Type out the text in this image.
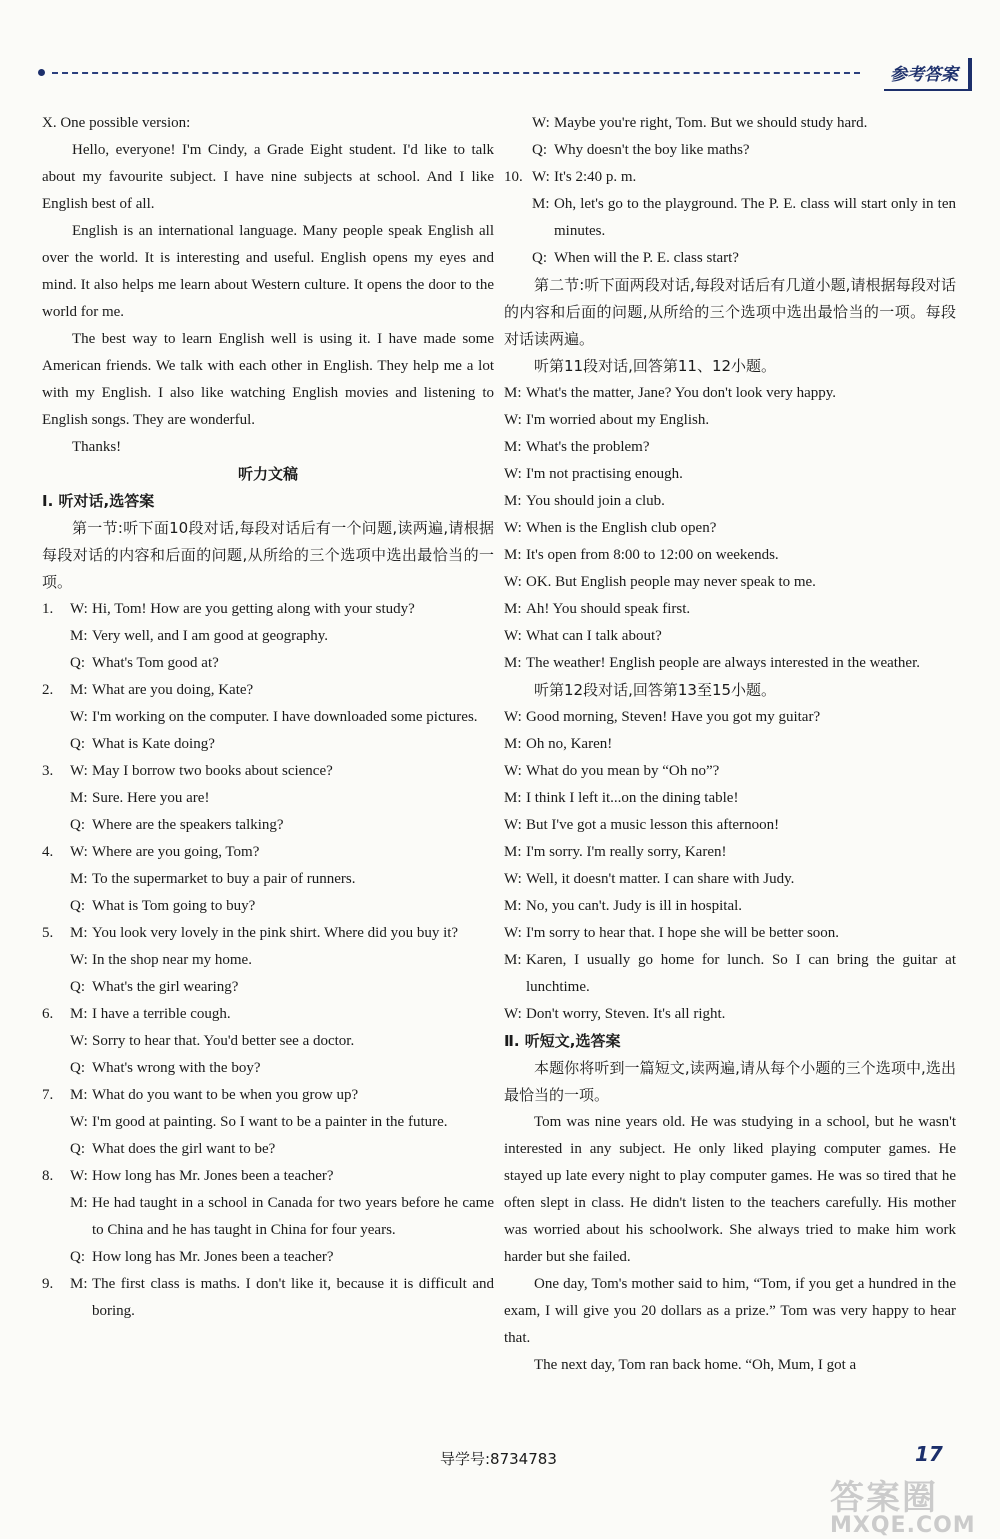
参考答案

X. One possible version:

Hello, everyone! I'm Cindy, a Grade Eight student. I'd like to talk about my favourite subject. I have nine subjects at school. And I like English best of all.

English is an international language. Many people speak English all over the world. It is interesting and useful. English opens my eyes and mind. It also helps me learn about Western culture. It opens the door to the world for me.

The best way to learn English well is using it. I have made some American friends. We talk with each other in English. They help me a lot with my English. I also like watching English movies and listening to English songs. They are wonderful.

Thanks!

听力文稿

Ⅰ. 听对话,选答案

第一节:听下面10段对话,每段对话后有一个问题,读两遍,请根据每段对话的内容和后面的问题,从所给的三个选项中选出最恰当的一项。

1.	W: Hi, Tom! How are you getting along with your study?
M: Very well, and I am good at geography.
Q: What's Tom good at?
2.	M: What are you doing, Kate?
W: I'm working on the computer. I have downloaded some pictures.
Q: What is Kate doing?
3.	W: May I borrow two books about science?
M: Sure. Here you are!
Q: Where are the speakers talking?
4.	W: Where are you going, Tom?
M: To the supermarket to buy a pair of runners.
Q: What is Tom going to buy?
5.	M: You look very lovely in the pink shirt. Where did you buy it?
W: In the shop near my home.
Q: What's the girl wearing?
6.	M: I have a terrible cough.
W: Sorry to hear that. You'd better see a doctor.
Q: What's wrong with the boy?
7.	M: What do you want to be when you grow up?
W: I'm good at painting. So I want to be a painter in the future.
Q: What does the girl want to be?
8.	W: How long has Mr. Jones been a teacher?
M: He had taught in a school in Canada for two years before he came to China and he has taught in China for four years.
Q: How long has Mr. Jones been a teacher?
9.	M: The first class is maths. I don't like it, because it is difficult and boring.
W: Maybe you're right, Tom. But we should study hard.
Q: Why doesn't the boy like maths?
10. W: It's 2:40 p. m.
M: Oh, let's go to the playground. The P. E. class will start only in ten minutes.
Q: When will the P. E. class start?

第二节:听下面两段对话,每段对话后有几道小题,请根据每段对话的内容和后面的问题,从所给的三个选项中选出最恰当的一项。每段对话读两遍。

听第11段对话,回答第11、12小题。

M: What's the matter, Jane? You don't look very happy.
W: I'm worried about my English.
M: What's the problem?
W: I'm not practising enough.
M: You should join a club.
W: When is the English club open?
M: It's open from 8:00 to 12:00 on weekends.
W: OK. But English people may never speak to me.
M: Ah! You should speak first.
W: What can I talk about?
M: The weather! English people are always interested in the weather.

听第12段对话,回答第13至15小题。

W: Good morning, Steven! Have you got my guitar?
M: Oh no, Karen!
W: What do you mean by “Oh no”?
M: I think I left it...on the dining table!
W: But I've got a music lesson this afternoon!
M: I'm sorry. I'm really sorry, Karen!
W: Well, it doesn't matter. I can share with Judy.
M: No, you can't. Judy is ill in hospital.
W: I'm sorry to hear that. I hope she will be better soon.
M: Karen, I usually go home for lunch. So I can bring the guitar at lunchtime.
W: Don't worry, Steven. It's all right.

Ⅱ. 听短文,选答案

本题你将听到一篇短文,读两遍,请从每个小题的三个选项中,选出最恰当的一项。

Tom was nine years old. He was studying in a school, but he wasn't interested in any subject. He only liked playing computer games. He stayed up late every night to play computer games. He was so tired that he often slept in class. He didn't listen to the teachers carefully. His mother was worried about his schoolwork. She always tried to make him work harder but she failed.

One day, Tom's mother said to him, “Tom, if you get a hundred in the exam, I will give you 20 dollars as a prize.” Tom was very happy to hear that.

The next day, Tom ran back home. “Oh, Mum, I got a

导学号:8734783	17
答案圈
MXQE.COM
